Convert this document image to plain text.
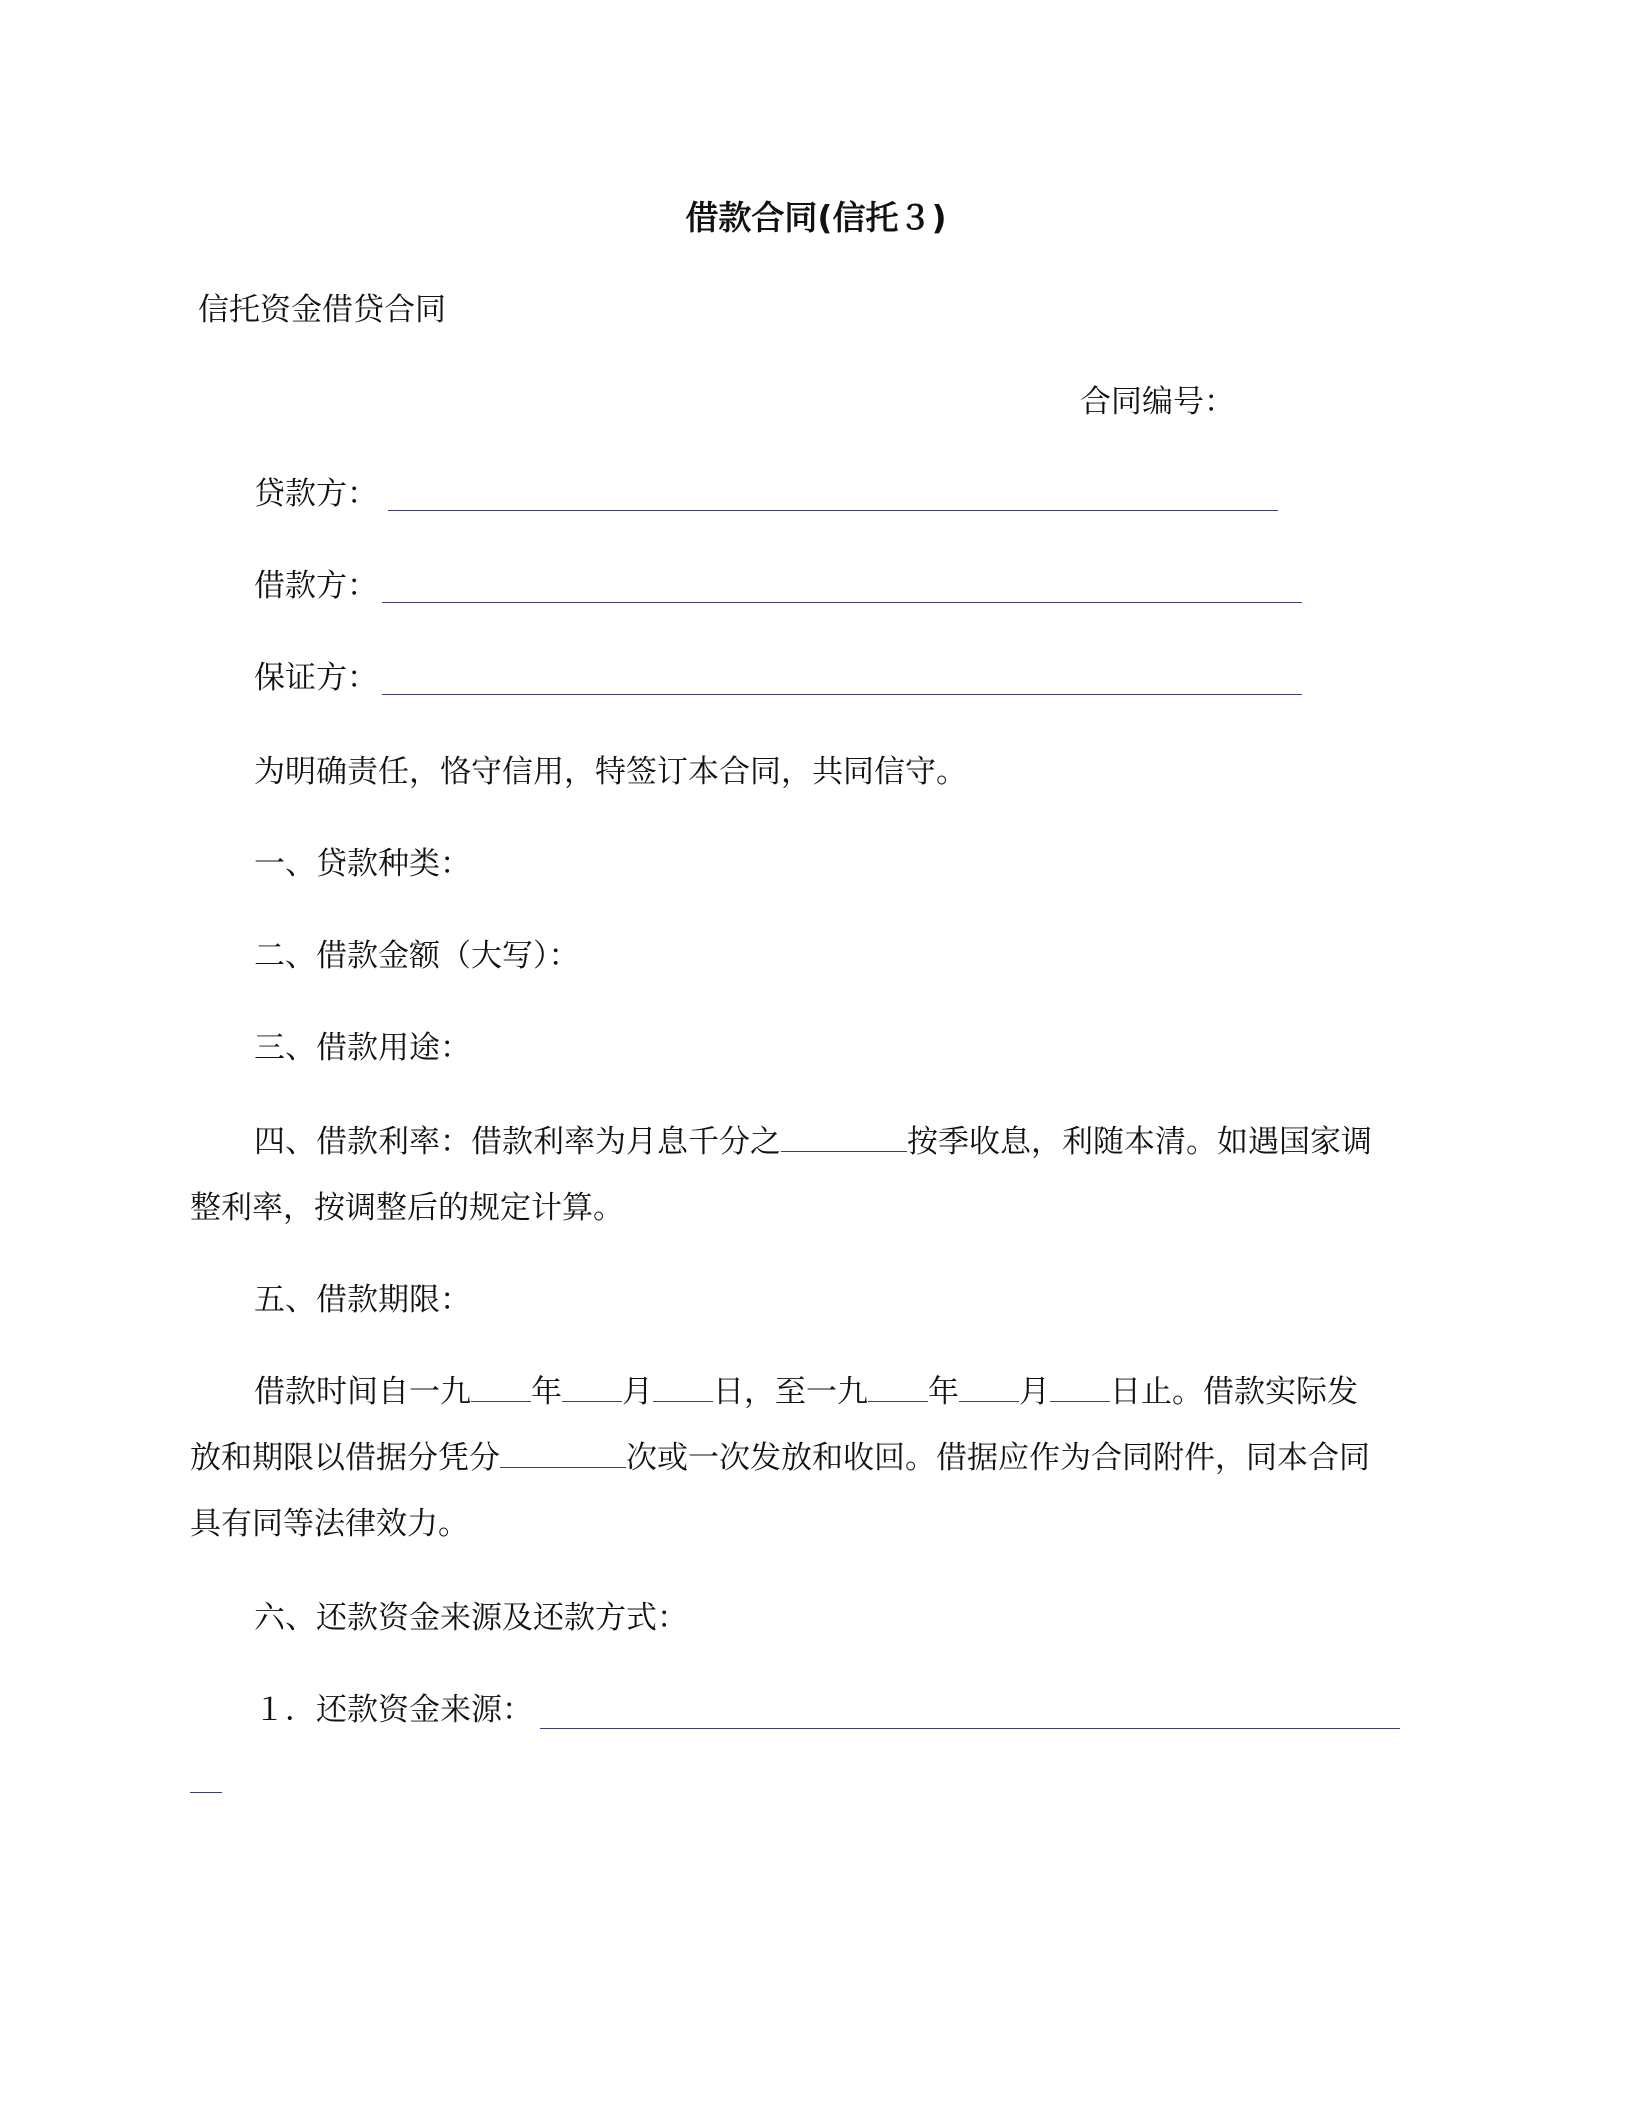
借款合同(信托３)
信托资金借贷合同
合同编号：
贷款方：
借款方：
保证方：
为明确责任，恪守信用，特签订本合同，共同信守。
一、贷款种类：
二、借款金额（大写）：
三、借款用途：
四、借款利率：借款利率为月息千分之	按季收息，利随本清。如遇国家调
整利率，按调整后的规定计算。
五、借款期限：
借款时间自一九 年 月 日，至一九 年 月 日止。借款实际发
放和期限以借据分凭分	次或一次发放和收回。借据应作为合同附件，同本合同
具有同等法律效力。
六、还款资金来源及还款方式：
１．还款资金来源：
